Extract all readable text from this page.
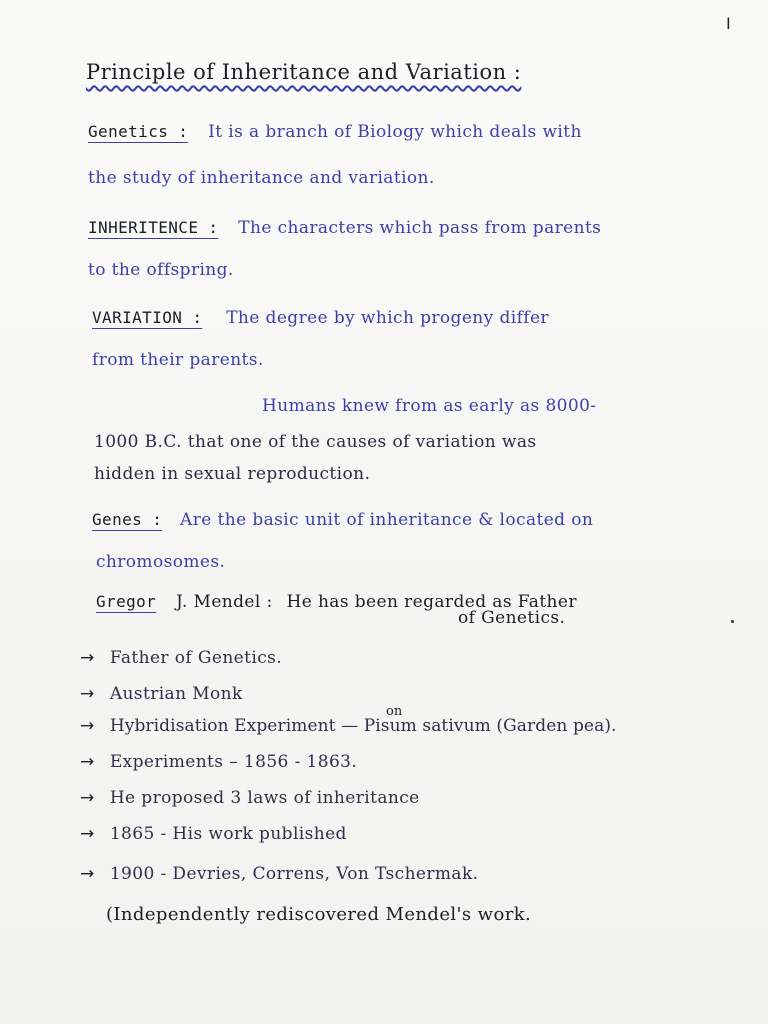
I
Principle of Inheritance and Variation :
Genetics : It is a branch of Biology which deals with
the study of inheritance and variation.
INHERITENCE : The characters which pass from parents
to the offspring.
VARIATION : The degree by which progeny differ
from their parents.
Humans knew from as early as 8000-
1000 B.C. that one of the causes of variation was
hidden in sexual reproduction.
Genes : Are the basic unit of inheritance & located on
chromosomes.
Gregor J. Mendel : He has been regarded as Father
of Genetics.
→ Father of Genetics.
→ Austrian Monk
on
→ Hybridisation Experiment — Pisum sativum (Garden pea).
→ Experiments – 1856 - 1863.
→ He proposed 3 laws of inheritance
→ 1865 - His work published
→ 1900 - Devries, Correns, Von Tschermak.
(Independently rediscovered Mendel's work.
